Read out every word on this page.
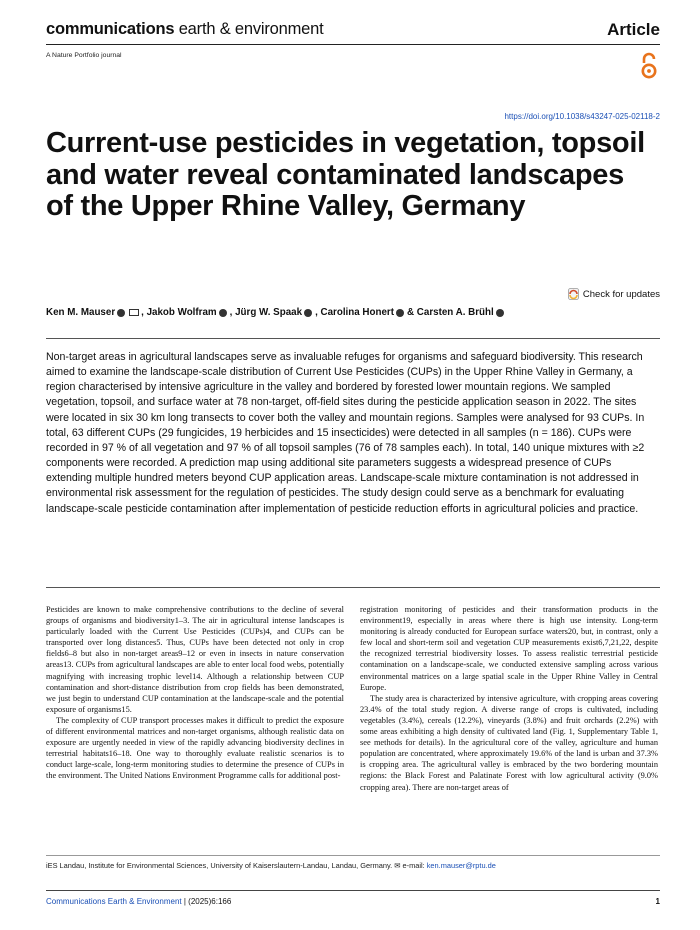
communications earth & environment	Article
A Nature Portfolio journal
https://doi.org/10.1038/s43247-025-02118-2
Current-use pesticides in vegetation, topsoil and water reveal contaminated landscapes of the Upper Rhine Valley, Germany
Check for updates
Ken M. Mauser	, Jakob Wolfram , Jürg W. Spaak , Carolina Honert & Carsten A. Brühl

Non-target areas in agricultural landscapes serve as invaluable refuges for organisms and safeguard biodiversity. This research aimed to examine the landscape-scale distribution of Current Use Pesticides (CUPs) in the Upper Rhine Valley in Germany, a region characterised by intensive agriculture in the valley and bordered by forested lower mountain regions. We sampled vegetation, topsoil, and surface water at 78 non-target, off-field sites during the pesticide application season in 2022. The sites were located in six 30 km long transects to cover both the valley and mountain regions. Samples were analysed for 93 CUPs. In total, 63 different CUPs (29 fungicides, 19 herbicides and 15 insecticides) were detected in all samples (n = 186). CUPs were recorded in 97 % of all vegetation and 97 % of all topsoil samples (76 of 78 samples each). In total, 140 unique mixtures with ≥2 components were recorded. A prediction map using additional site parameters suggests a widespread presence of CUPs extending multiple hundred meters beyond CUP application areas. Landscape-scale mixture contamination is not addressed in environmental risk assessment for the regulation of pesticides. The study design could serve as a benchmark for evaluating landscape-scale pesticide contamination after implementation of pesticide reduction efforts in agricultural policies and practice.

Pesticides are known to make comprehensive contributions to the decline of several groups of organisms and biodiversity1–3. The air in agricultural intense landscapes is particularly loaded with the Current Use Pesticides (CUPs)4, and CUPs can be transported over long distances5. Thus, CUPs have been detected not only in crop fields6–8 but also in non-target areas9–12 or even in insects in nature conservation areas13. CUPs from agricultural landscapes are able to enter local food webs, potentially magnifying with increasing trophic level14. Although a relationship between CUP contamination and short-distance distribution from crop fields has been demonstrated, we just begin to understand CUP contamination at the landscape-scale and the potential exposure of organisms15.

The complexity of CUP transport processes makes it difficult to predict the exposure of different environmental matrices and non-target organisms, although realistic data on exposure are urgently needed in view of the rapidly advancing biodiversity declines in terrestrial habitats16–18. One way to thoroughly evaluate realistic scenarios is to conduct large-scale, long-term monitoring studies to determine the presence of CUPs in the environment. The United Nations Environment Programme calls for additional post-

registration monitoring of pesticides and their transformation products in the environment19, especially in areas where there is high use intensity. Long-term monitoring is already conducted for European surface waters20, but, in contrast, only a few local and short-term soil and vegetation CUP measurements exist6,7,21,22, despite the recognized terrestrial biodiversity losses. To assess realistic terrestrial pesticide contamination on a landscape-scale, we conducted extensive sampling across various environmental matrices on a large spatial scale in the Upper Rhine Valley in Central Europe.

The study area is characterized by intensive agriculture, with cropping areas covering 23.4% of the total study region. A diverse range of crops is cultivated, including vegetables (3.4%), cereals (12.2%), vineyards (3.8%) and fruit orchards (2.2%) with some areas exhibiting a high density of cultivated land (Fig. 1, Supplementary Table 1, see methods for details). In the agricultural core of the valley, agriculture and human population are concentrated, where approximately 19.6% of the land is urban and 37.3% is cropping area. The agricultural valley is embraced by the two bordering mountain regions: the Black Forest and Palatinate Forest with low agricultural activity (9.0% cropping area). There are non-target areas of

iES Landau, Institute for Environmental Sciences, University of Kaiserslautern-Landau, Landau, Germany. ✉ e-mail: ken.mauser@rptu.de
Communications Earth & Environment | (2025)6:166	1
